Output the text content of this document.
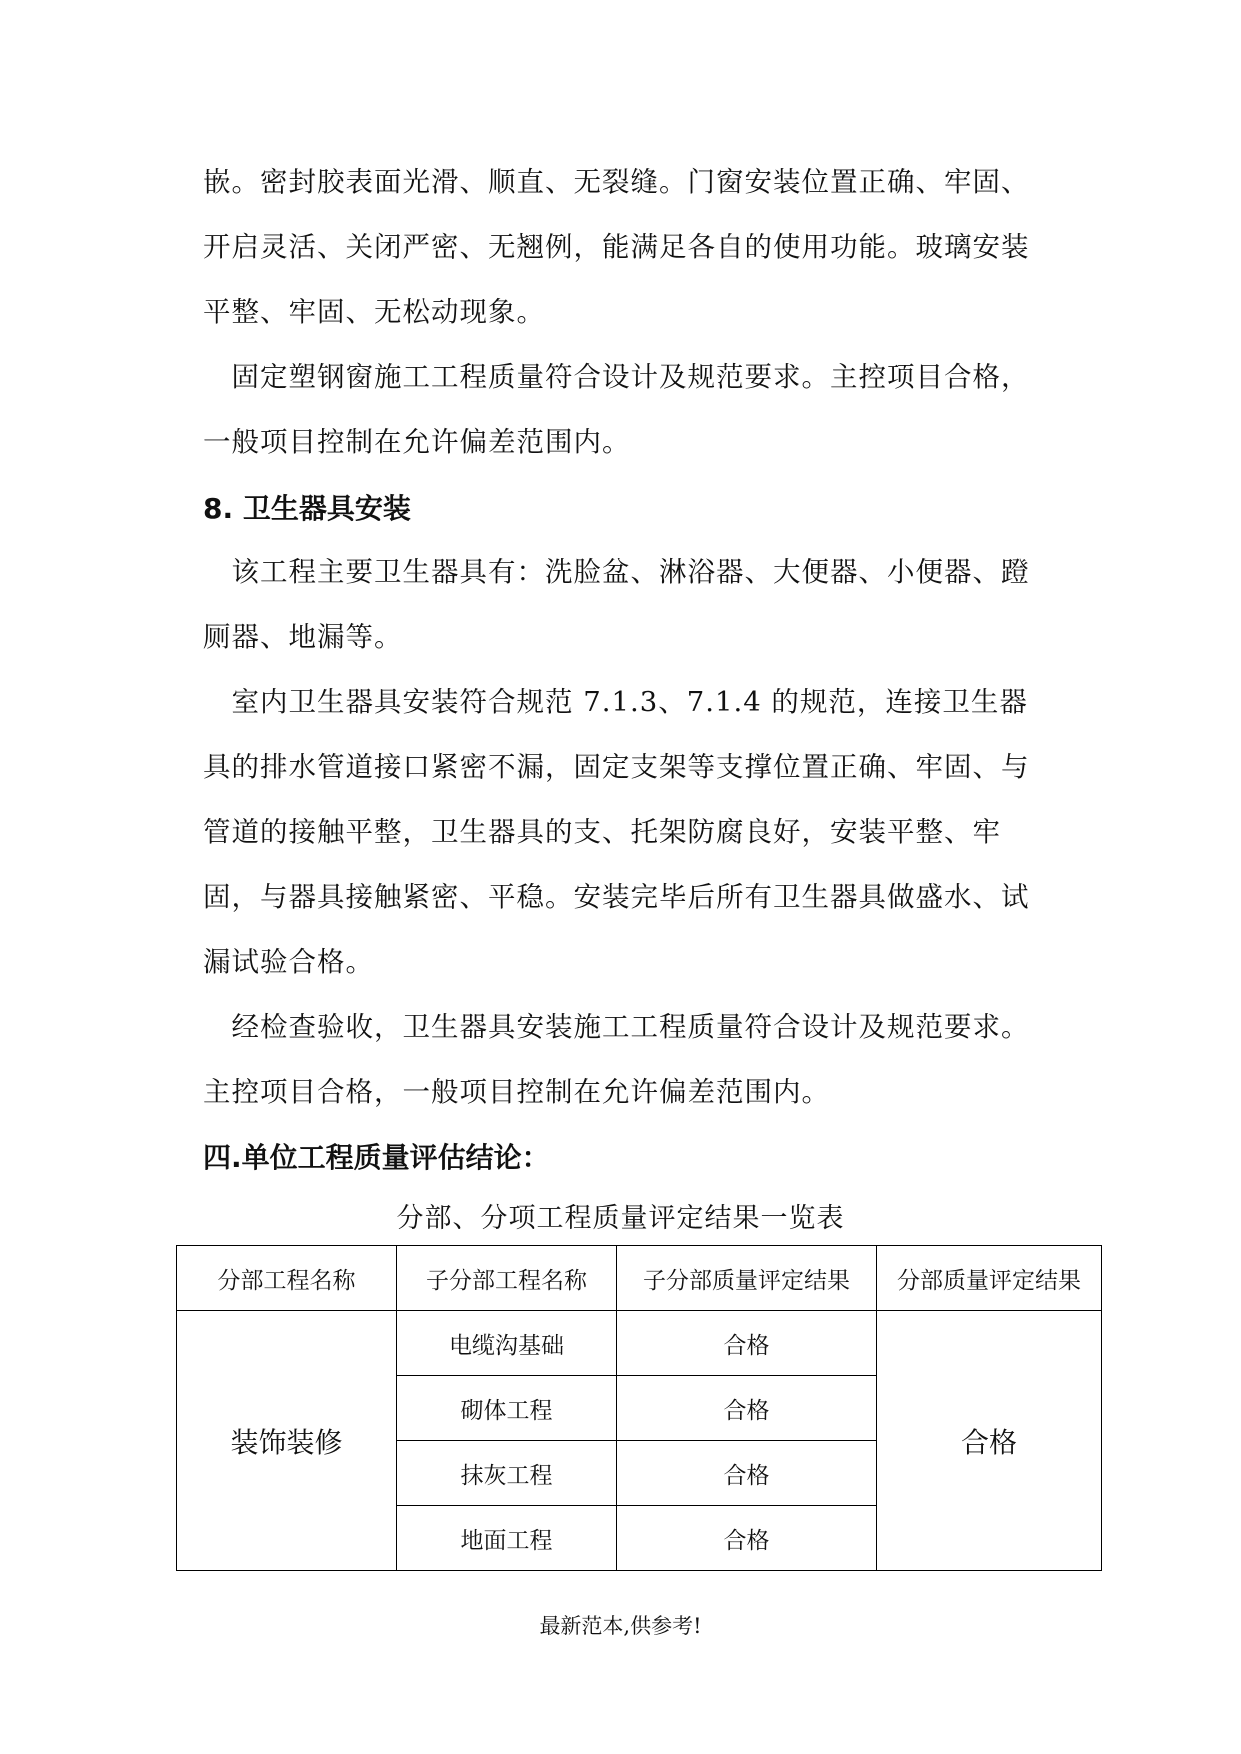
嵌。密封胶表面光滑、顺直、无裂缝。门窗安装位置正确、牢固、开启灵活、关闭严密、无翘例，能满足各自的使用功能。玻璃安装平整、牢固、无松动现象。

　固定塑钢窗施工工程质量符合设计及规范要求。主控项目合格，一般项目控制在允许偏差范围内。

8. 卫生器具安装

　该工程主要卫生器具有：洗脸盆、淋浴器、大便器、小便器、蹬厕器、地漏等。

　室内卫生器具安装符合规范 7.1.3、7.1.4 的规范，连接卫生器具的排水管道接口紧密不漏，固定支架等支撑位置正确、牢固、与管道的接触平整，卫生器具的支、托架防腐良好，安装平整、牢固，与器具接触紧密、平稳。安装完毕后所有卫生器具做盛水、试漏试验合格。

　经检查验收，卫生器具安装施工工程质量符合设计及规范要求。主控项目合格，一般项目控制在允许偏差范围内。

四.单位工程质量评估结论：

分部、分项工程质量评定结果一览表

分部工程名称	子分部工程名称	子分部质量评定结果	分部质量评定结果
装饰装修	电缆沟基础	合格	合格
	砌体工程	合格	
	抹灰工程	合格	
	地面工程	合格	

最新范本,供参考!
